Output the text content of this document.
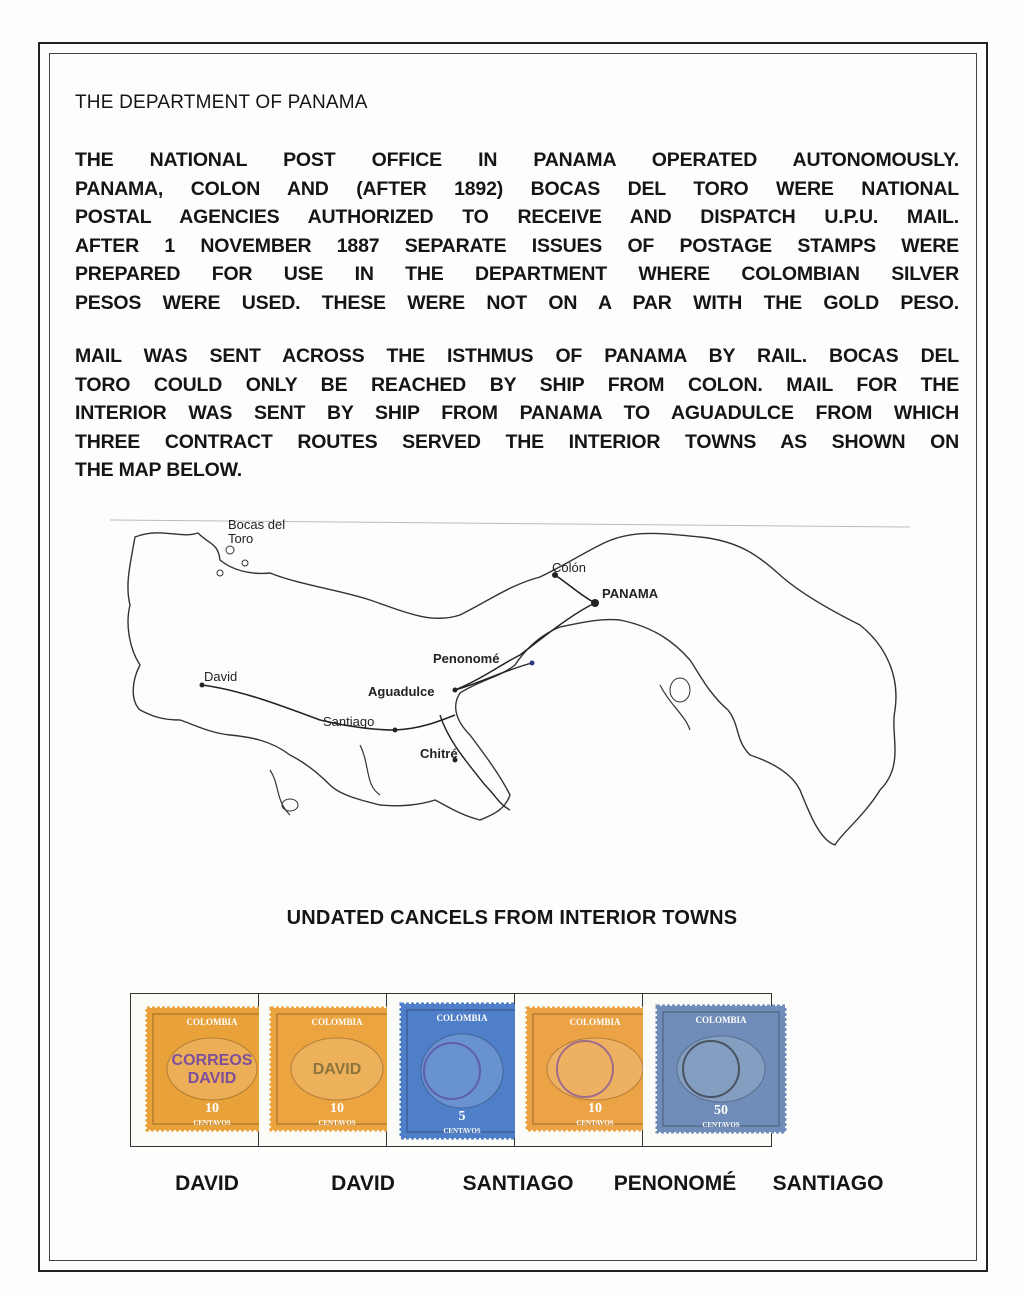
THE DEPARTMENT OF PANAMA
THE NATIONAL POST OFFICE IN PANAMA OPERATED AUTONOMOUSLY.
PANAMA, COLON AND (AFTER 1892) BOCAS DEL TORO WERE NATIONAL
POSTAL AGENCIES AUTHORIZED TO RECEIVE AND DISPATCH U.P.U. MAIL.
AFTER 1 NOVEMBER 1887 SEPARATE ISSUES OF POSTAGE STAMPS WERE
PREPARED FOR USE IN THE DEPARTMENT WHERE COLOMBIAN SILVER
PESOS WERE USED. THESE WERE NOT ON A PAR WITH THE GOLD PESO.
MAIL WAS SENT ACROSS THE ISTHMUS OF PANAMA BY RAIL. BOCAS DEL
TORO COULD ONLY BE REACHED BY SHIP FROM COLON. MAIL FOR THE
INTERIOR WAS SENT BY SHIP FROM PANAMA TO AGUADULCE FROM WHICH
THREE CONTRACT ROUTES SERVED THE INTERIOR TOWNS AS SHOWN ON
THE MAP BELOW.
Bocas del
Toro
Colón
PANAMA
Penonomé
David
Aguadulce
Santiago
Chitré
UNDATED CANCELS FROM INTERIOR TOWNS
COLOMBIA
10
CENTAVOS
CORREOS
DAVID
COLOMBIA
10
CENTAVOS
DAVID
COLOMBIA
5
CENTAVOS
COLOMBIA
10
CENTAVOS
COLOMBIA
50
CENTAVOS
DAVID	DAVID	SANTIAGO	PENONOMÉ	SANTIAGO
